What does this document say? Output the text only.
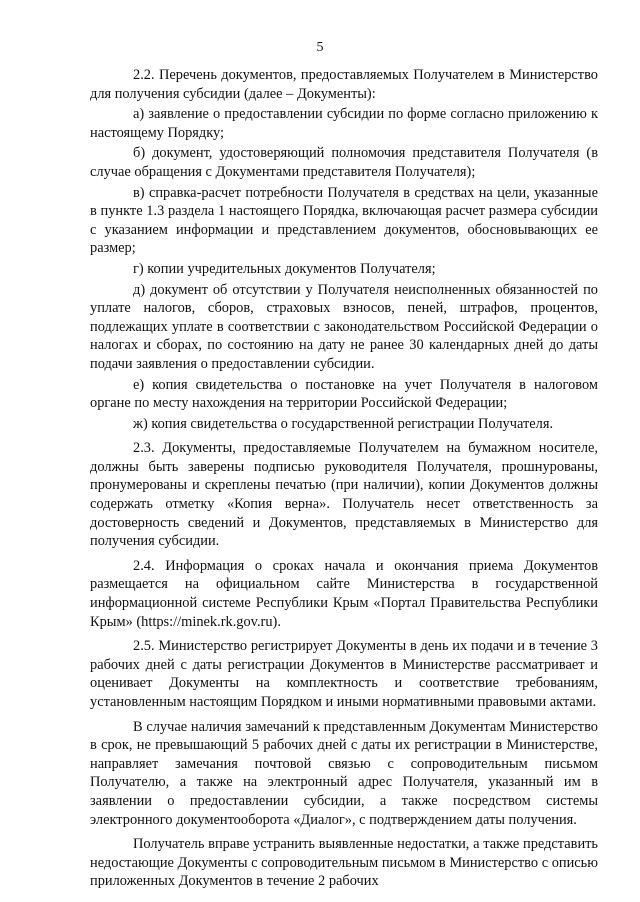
5

2.2. Перечень документов, предоставляемых Получателем в Министерство для получения субсидии (далее – Документы):

а) заявление о предоставлении субсидии по форме согласно приложению к настоящему Порядку;

б) документ, удостоверяющий полномочия представителя Получателя (в случае обращения с Документами представителя Получателя);

в) справка-расчет потребности Получателя в средствах на цели, указанные в пункте 1.3 раздела 1 настоящего Порядка, включающая расчет размера субсидии с указанием информации и представлением документов, обосновывающих ее размер;

г) копии учредительных документов Получателя;

д) документ об отсутствии у Получателя неисполненных обязанностей по уплате налогов, сборов, страховых взносов, пеней, штрафов, процентов, подлежащих уплате в соответствии с законодательством Российской Федерации о налогах и сборах, по состоянию на дату не ранее 30 календарных дней до даты подачи заявления о предоставлении субсидии.

е) копия свидетельства о постановке на учет Получателя в налоговом органе по месту нахождения на территории Российской Федерации;

ж) копия свидетельства о государственной регистрации Получателя.

2.3. Документы, предоставляемые Получателем на бумажном носителе, должны быть заверены подписью руководителя Получателя, прошнурованы, пронумерованы и скреплены печатью (при наличии), копии Документов должны содержать отметку «Копия верна». Получатель несет ответственность за достоверность сведений и Документов, представляемых в Министерство для получения субсидии.

2.4. Информация о сроках начала и окончания приема Документов размещается на официальном сайте Министерства в государственной информационной системе Республики Крым «Портал Правительства Республики Крым» (https://minek.rk.gov.ru).

2.5. Министерство регистрирует Документы в день их подачи и в течение 3 рабочих дней с даты регистрации Документов в Министерстве рассматривает и оценивает Документы на комплектность и соответствие требованиям, установленным настоящим Порядком и иными нормативными правовыми актами.

В случае наличия замечаний к представленным Документам Министерство в срок, не превышающий 5 рабочих дней с даты их регистрации в Министерстве, направляет замечания почтовой связью с сопроводительным письмом Получателю, а также на электронный адрес Получателя, указанный им в заявлении о предоставлении субсидии, а также посредством системы электронного документооборота «Диалог», с подтверждением даты получения.

Получатель вправе устранить выявленные недостатки, а также представить недостающие Документы с сопроводительным письмом в Министерство с описью приложенных Документов в течение 2 рабочих
